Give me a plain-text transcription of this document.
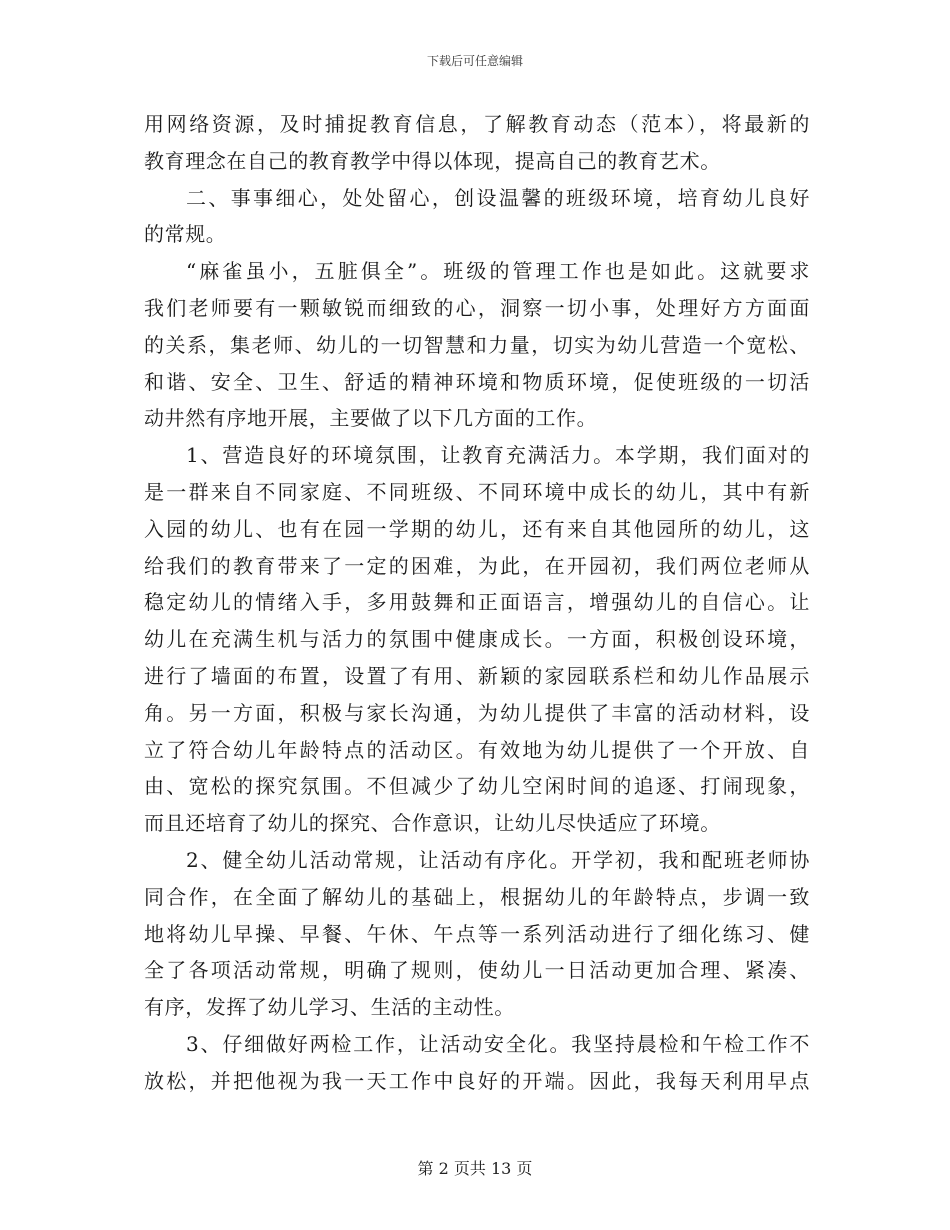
下载后可任意编辑
用网络资源，及时捕捉教育信息，了解教育动态（范本），将最新的
教育理念在自己的教育教学中得以体现，提高自己的教育艺术。
二、事事细心，处处留心，创设温馨的班级环境，培育幼儿良好
的常规。
“麻雀虽小，五脏俱全”。班级的管理工作也是如此。这就要求
我们老师要有一颗敏锐而细致的心，洞察一切小事，处理好方方面面
的关系，集老师、幼儿的一切智慧和力量，切实为幼儿营造一个宽松、
和谐、安全、卫生、舒适的精神环境和物质环境，促使班级的一切活
动井然有序地开展，主要做了以下几方面的工作。
1、营造良好的环境氛围，让教育充满活力。本学期，我们面对的
是一群来自不同家庭、不同班级、不同环境中成长的幼儿，其中有新
入园的幼儿、也有在园一学期的幼儿，还有来自其他园所的幼儿，这
给我们的教育带来了一定的困难，为此，在开园初，我们两位老师从
稳定幼儿的情绪入手，多用鼓舞和正面语言，增强幼儿的自信心。让
幼儿在充满生机与活力的氛围中健康成长。一方面，积极创设环境，
进行了墙面的布置，设置了有用、新颖的家园联系栏和幼儿作品展示
角。另一方面，积极与家长沟通，为幼儿提供了丰富的活动材料，设
立了符合幼儿年龄特点的活动区。有效地为幼儿提供了一个开放、自
由、宽松的探究氛围。不但减少了幼儿空闲时间的追逐、打闹现象，
而且还培育了幼儿的探究、合作意识，让幼儿尽快适应了环境。
2、健全幼儿活动常规，让活动有序化。开学初，我和配班老师协
同合作，在全面了解幼儿的基础上，根据幼儿的年龄特点，步调一致
地将幼儿早操、早餐、午休、午点等一系列活动进行了细化练习、健
全了各项活动常规，明确了规则，使幼儿一日活动更加合理、紧凑、
有序，发挥了幼儿学习、生活的主动性。
3、仔细做好两检工作，让活动安全化。我坚持晨检和午检工作不
放松，并把他视为我一天工作中良好的开端。因此，我每天利用早点
第 2 页共 13 页
